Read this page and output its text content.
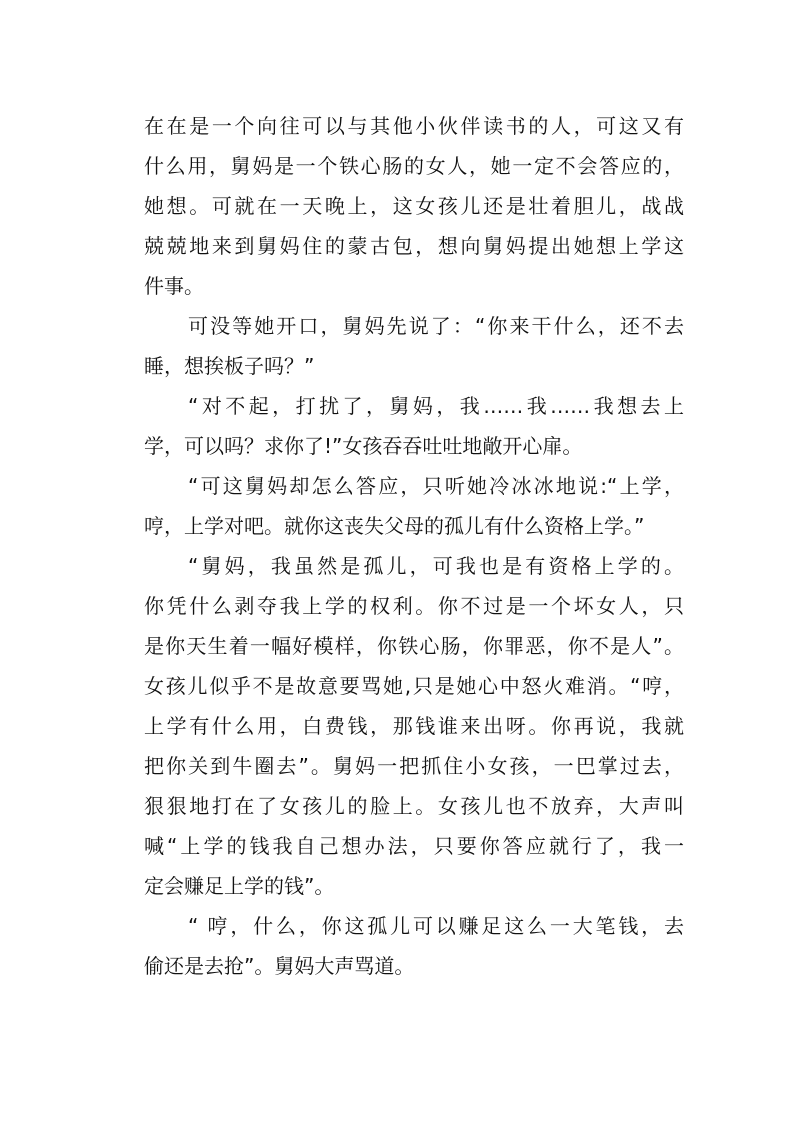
在在是一个向往可以与其他小伙伴读书的人，可这又有
什么用，舅妈是一个铁心肠的女人，她一定不会答应的，
她想。可就在一天晚上，这女孩儿还是壮着胆儿，战战
兢兢地来到舅妈住的蒙古包，想向舅妈提出她想上学这
件事。
可没等她开口，舅妈先说了：“你来干什么，还不去
睡，想挨板子吗？”
“对不起，打扰了，舅妈，我……我……我想去上
学，可以吗？求你了!”女孩吞吞吐吐地敞开心扉。
“可这舅妈却怎么答应，只听她冷冰冰地说:“上学，
哼，上学对吧。就你这丧失父母的孤儿有什么资格上学。”
“舅妈，我虽然是孤儿，可我也是有资格上学的。
你凭什么剥夺我上学的权利。你不过是一个坏女人，只
是你天生着一幅好模样，你铁心肠，你罪恶，你不是人”。
女孩儿似乎不是故意要骂她,只是她心中怒火难消。“哼，
上学有什么用，白费钱，那钱谁来出呀。你再说，我就
把你关到牛圈去”。舅妈一把抓住小女孩，一巴掌过去，
狠狠地打在了女孩儿的脸上。女孩儿也不放弃，大声叫
喊“上学的钱我自己想办法，只要你答应就行了，我一
定会赚足上学的钱”。
“ 哼，什么，你这孤儿可以赚足这么一大笔钱，去
偷还是去抢”。舅妈大声骂道。
